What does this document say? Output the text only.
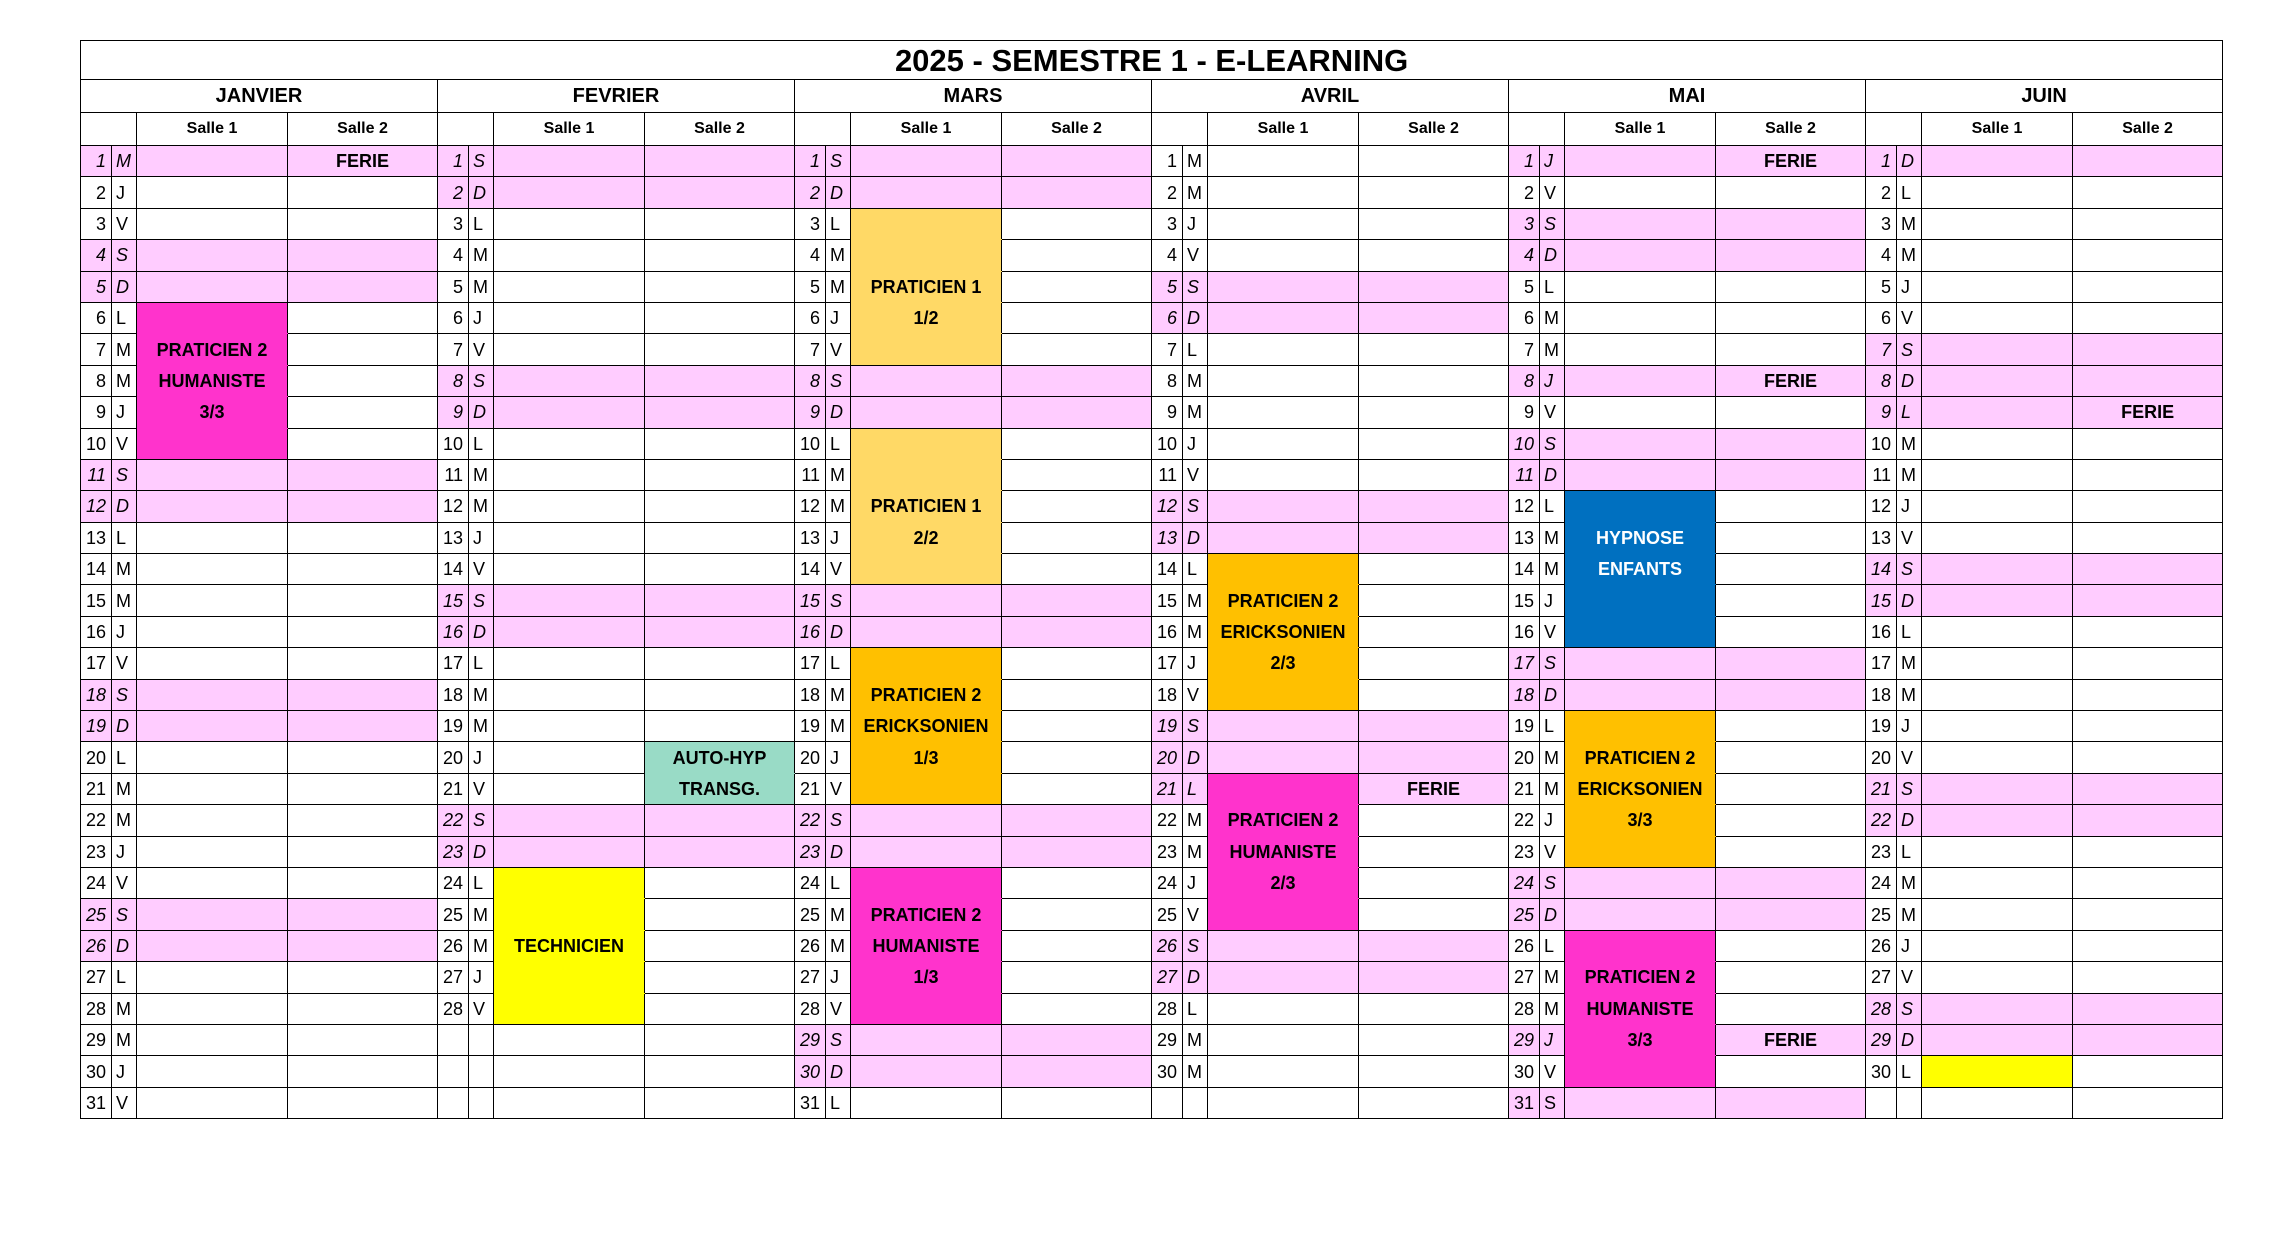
2025 - SEMESTRE 1 - E-LEARNING																							
JANVIER				FEVRIER				MARS				AVRIL				MAI				JUIN			
		Salle 1	Salle 2			Salle 1	Salle 2			Salle 1	Salle 2			Salle 1	Salle 2			Salle 1	Salle 2			Salle 1	Salle 2
1	M		FERIE	1	S			1	S			1	M			1	J		FERIE	1	D		
2	J			2	D			2	D			2	M			2	V			2	L		
3	V			3	L			3	L			3	J			3	S			3	M		
4	S			4	M			4	M			4	V			4	D			4	M		
5	D			5	M			5	M	PRATICIEN 1		5	S			5	L			5	J		
6	L			6	J			6	J	1/2		6	D			6	M			6	V		
7	M	PRATICIEN 2		7	V			7	V			7	L			7	M			7	S		
8	M	HUMANISTE		8	S			8	S			8	M			8	J		FERIE	8	D		
9	J	3/3		9	D			9	D			9	M			9	V			9	L		FERIE
10	V			10	L			10	L			10	J			10	S			10	M		
11	S			11	M			11	M			11	V			11	D			11	M		
12	D			12	M			12	M	PRATICIEN 1		12	S			12	L			12	J		
13	L			13	J			13	J	2/2		13	D			13	M	HYPNOSE		13	V		
14	M			14	V			14	V			14	L			14	M	ENFANTS		14	S		
15	M			15	S			15	S			15	M	PRATICIEN 2		15	J			15	D		
16	J			16	D			16	D			16	M	ERICKSONIEN		16	V			16	L		
17	V			17	L			17	L			17	J	2/3		17	S			17	M		
18	S			18	M			18	M	PRATICIEN 2		18	V			18	D			18	M		
19	D			19	M			19	M	ERICKSONIEN		19	S			19	L			19	J		
20	L			20	J		AUTO-HYP	20	J	1/3		20	D			20	M	PRATICIEN 2		20	V		
21	M			21	V		TRANSG.	21	V			21	L		FERIE	21	M	ERICKSONIEN		21	S		
22	M			22	S			22	S			22	M	PRATICIEN 2		22	J	3/3		22	D		
23	J			23	D			23	D			23	M	HUMANISTE		23	V			23	L		
24	V			24	L			24	L			24	J	2/3		24	S			24	M		
25	S			25	M			25	M	PRATICIEN 2		25	V			25	D			25	M		
26	D			26	M	TECHNICIEN		26	M	HUMANISTE		26	S			26	L			26	J		
27	L			27	J			27	J	1/3		27	D			27	M	PRATICIEN 2		27	V		
28	M			28	V			28	V			28	L			28	M	HUMANISTE		28	S		
29	M							29	S			29	M			29	J	3/3	FERIE	29	D		
30	J							30	D			30	M			30	V			30	L		
31	V							31	L							31	S						
